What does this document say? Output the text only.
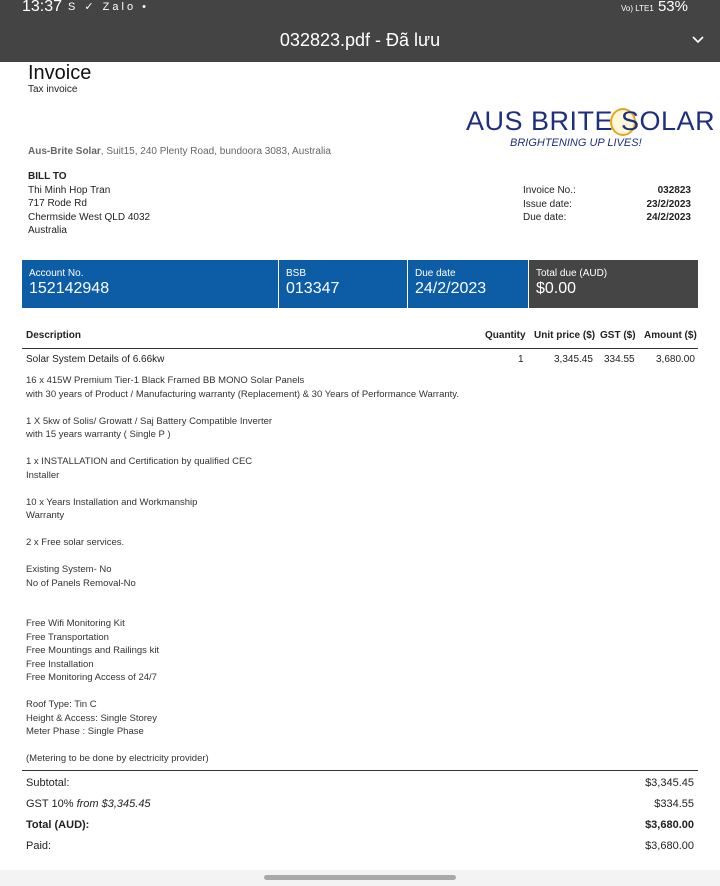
13:37 S ✓ Zalo •	Vo) LTE1 53%
032823.pdf - Đã lưu
Invoice
Tax invoice
AUS BRITE SOLAR
BRIGHTENING UP LIVES!
Aus-Brite Solar, Suit15, 240 Plenty Road, bundoora 3083, Australia
BILL TO
Thi Minh Hop Tran
717 Rode Rd
Chermside West QLD 4032
Australia
Invoice No.:	032823
Issue date:	23/2/2023
Due date:	24/2/2023
Account No.
152142948
BSB
013347
Due date
24/2/2023
Total due (AUD)
$0.00
Description	Quantity Unit price ($) GST ($) Amount ($)
Solar System Details of 6.66kw	1	3,345.45 334.55 3,680.00
16 x 415W Premium Tier-1 Black Framed BB MONO Solar Panels
with 30 years of Product / Manufacturing warranty (Replacement) & 30 Years of Performance Warranty.
1 X 5kw of Solis/ Growatt / Saj Battery Compatible Inverter
with 15 years warranty ( Single P )
1 x INSTALLATION and Certification by qualified CEC
Installer
10 x Years Installation and Workmanship
Warranty
2 x Free solar services.
Existing System- No
No of Panels Removal-No
Free Wifi Monitoring Kit
Free Transportation
Free Mountings and Railings kit
Free Installation
Free Monitoring Access of 24/7
Roof Type: Tin C
Height & Access: Single Storey
Meter Phase : Single Phase
(Metering to be done by electricity provider)
Subtotal:	$3,345.45
GST 10% from $3,345.45	$334.55
Total (AUD):	$3,680.00
Paid:	$3,680.00
